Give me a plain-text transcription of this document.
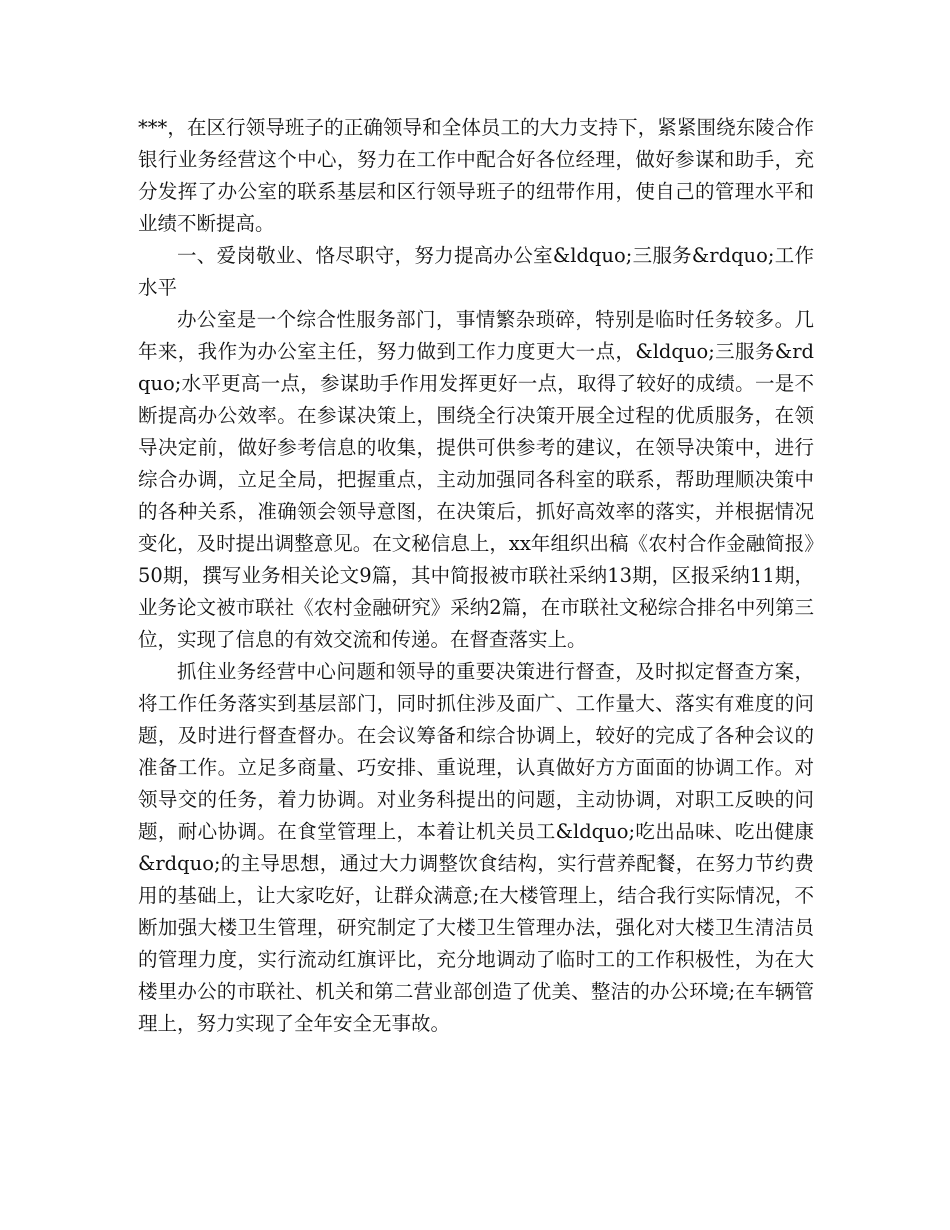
***，在区行领导班子的正确领导和全体员工的大力支持下，紧紧围绕东陵合作银行业务经营这个中心，努力在工作中配合好各位经理，做好参谋和助手，充分发挥了办公室的联系基层和区行领导班子的纽带作用，使自己的管理水平和业绩不断提高。

一、爱岗敬业、恪尽职守，努力提高办公室&ldquo;三服务&rdquo;工作水平

办公室是一个综合性服务部门，事情繁杂琐碎，特别是临时任务较多。几年来，我作为办公室主任，努力做到工作力度更大一点，&ldquo;三服务&rdquo;水平更高一点，参谋助手作用发挥更好一点，取得了较好的成绩。一是不断提高办公效率。在参谋决策上，围绕全行决策开展全过程的优质服务，在领导决定前，做好参考信息的收集，提供可供参考的建议，在领导决策中，进行综合办调，立足全局，把握重点，主动加强同各科室的联系，帮助理顺决策中的各种关系，准确领会领导意图，在决策后，抓好高效率的落实，并根据情况变化，及时提出调整意见。在文秘信息上，xx年组织出稿《农村合作金融简报》50期，撰写业务相关论文9篇，其中简报被市联社采纳13期，区报采纳11期，业务论文被市联社《农村金融研究》采纳2篇，在市联社文秘综合排名中列第三位，实现了信息的有效交流和传递。在督查落实上。

抓住业务经营中心问题和领导的重要决策进行督查，及时拟定督查方案，将工作任务落实到基层部门，同时抓住涉及面广、工作量大、落实有难度的问题，及时进行督查督办。在会议筹备和综合协调上，较好的完成了各种会议的准备工作。立足多商量、巧安排、重说理，认真做好方方面面的协调工作。对领导交的任务，着力协调。对业务科提出的问题，主动协调，对职工反映的问题，耐心协调。在食堂管理上，本着让机关员工&ldquo;吃出品味、吃出健康&rdquo;的主导思想，通过大力调整饮食结构，实行营养配餐，在努力节约费用的基础上，让大家吃好，让群众满意;在大楼管理上，结合我行实际情况，不断加强大楼卫生管理，研究制定了大楼卫生管理办法，强化对大楼卫生清洁员的管理力度，实行流动红旗评比，充分地调动了临时工的工作积极性，为在大楼里办公的市联社、机关和第二营业部创造了优美、整洁的办公环境;在车辆管理上，努力实现了全年安全无事故。
